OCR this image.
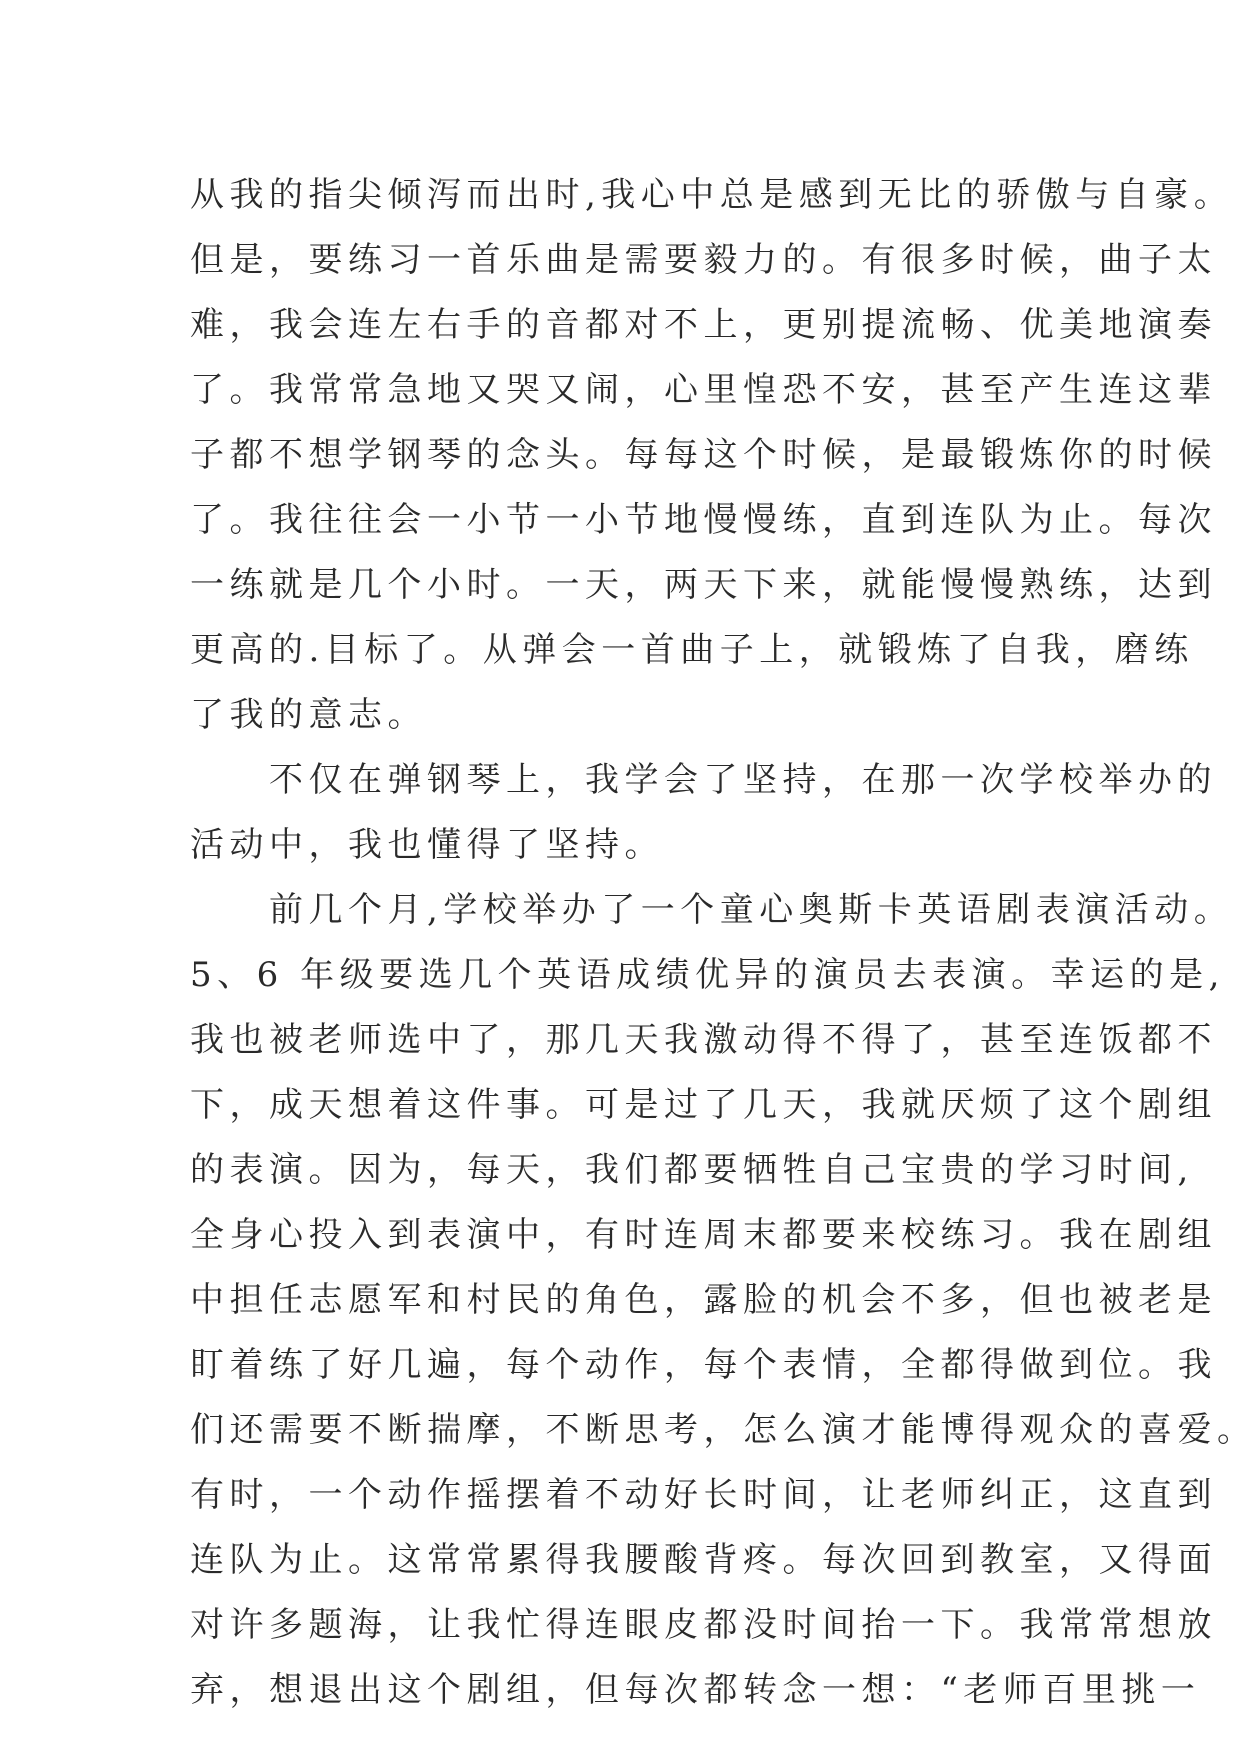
从我的指尖倾泻而出时,我心中总是感到无比的骄傲与自豪。
但是，要练习一首乐曲是需要毅力的。有很多时候，曲子太
难，我会连左右手的音都对不上，更别提流畅、优美地演奏
了。我常常急地又哭又闹，心里惶恐不安，甚至产生连这辈
子都不想学钢琴的念头。每每这个时候，是最锻炼你的时候
了。我往往会一小节一小节地慢慢练，直到连队为止。每次
一练就是几个小时。一天，两天下来，就能慢慢熟练，达到
更高的.目标了。从弹会一首曲子上，就锻炼了自我，磨练
了我的意志。
　　不仅在弹钢琴上，我学会了坚持，在那一次学校举办的
活动中，我也懂得了坚持。
　　前几个月,学校举办了一个童心奥斯卡英语剧表演活动。
5、6 年级要选几个英语成绩优异的演员去表演。幸运的是,
我也被老师选中了，那几天我激动得不得了，甚至连饭都不
下，成天想着这件事。可是过了几天，我就厌烦了这个剧组
的表演。因为，每天，我们都要牺牲自己宝贵的学习时间,
全身心投入到表演中，有时连周末都要来校练习。我在剧组
中担任志愿军和村民的角色，露脸的机会不多，但也被老是
盯着练了好几遍，每个动作，每个表情，全都得做到位。我
们还需要不断揣摩，不断思考，怎么演才能博得观众的喜爱。
有时，一个动作摇摆着不动好长时间，让老师纠正，这直到
连队为止。这常常累得我腰酸背疼。每次回到教室，又得面
对许多题海，让我忙得连眼皮都没时间抬一下。我常常想放
弃，想退出这个剧组，但每次都转念一想：“老师百里挑一
